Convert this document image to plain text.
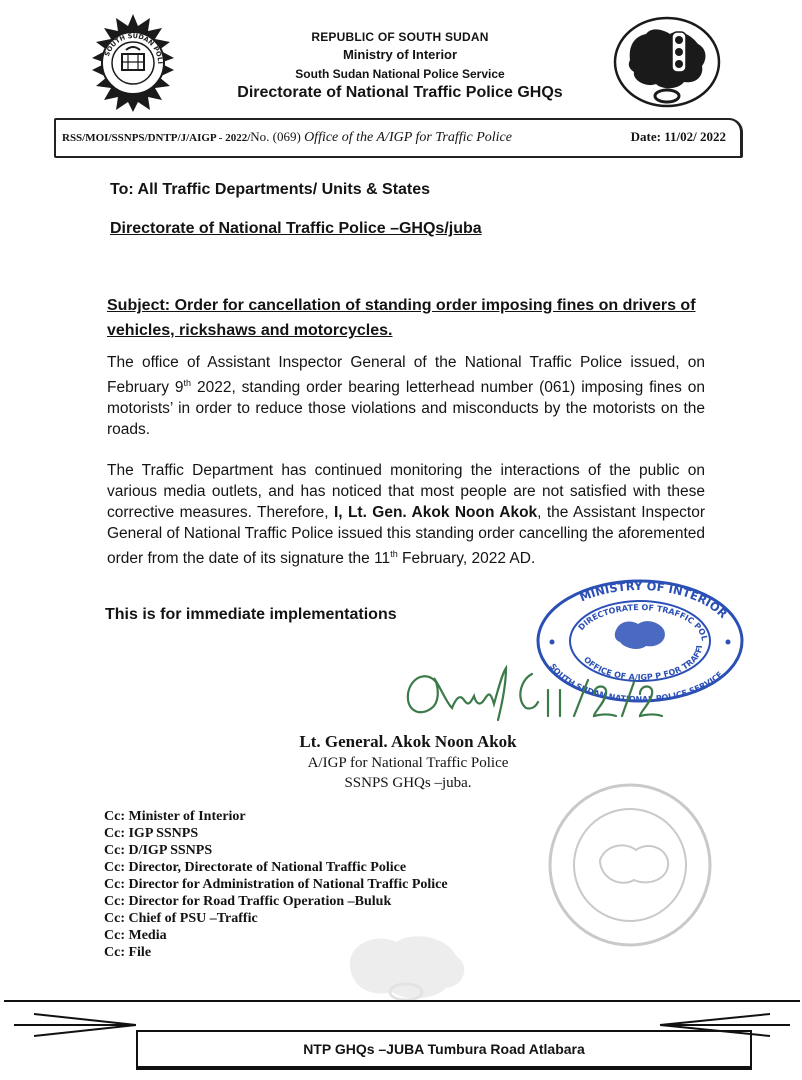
SOUTH SUDAN POLI
REPUBLIC OF SOUTH SUDAN
Ministry of Interior
South Sudan National Police Service
Directorate of National Traffic Police GHQs
RSS/MOI/SSNPS/DNTP/J/AIGP - 2022/No. (069) Office of the A/IGP for Traffic Police	Date: 11/02/ 2022
To: All Traffic Departments/ Units & States
Directorate of National Traffic Police –GHQs/juba
Subject: Order for cancellation of standing order imposing fines on drivers of
vehicles, rickshaws and motorcycles.
The office of Assistant Inspector General of the National Traffic Police issued, on February 9th 2022, standing order bearing letterhead number (061) imposing fines on motorists’ in order to reduce those violations and misconducts by the motorists on the roads.
The Traffic Department has continued monitoring the interactions of the public on various media outlets, and has noticed that most people are not satisfied with these corrective measures. Therefore, I, Lt. Gen. Akok Noon Akok, the Assistant Inspector General of National Traffic Police issued this standing order cancelling the aforemented order from the date of its signature the 11th February, 2022 AD.
This is for immediate implementations
MINISTRY OF INTERIOR
DIRECTORATE OF TRAFFIC POL
OFFICE OF A/IGP P FOR TRAFFI
SOUTH SUDAN NATIONAL POLICE SERVICE
Lt. General. Akok Noon Akok
A/IGP for National Traffic Police
SSNPS GHQs –juba.
Cc: Minister of Interior
Cc: IGP SSNPS
Cc: D/IGP SSNPS
Cc: Director, Directorate of National Traffic Police
Cc: Director for Administration of National Traffic Police
Cc: Director for Road Traffic Operation –Buluk
Cc: Chief of PSU –Traffic
Cc: Media
Cc: File
NTP GHQs –JUBA Tumbura Road Atlabara
